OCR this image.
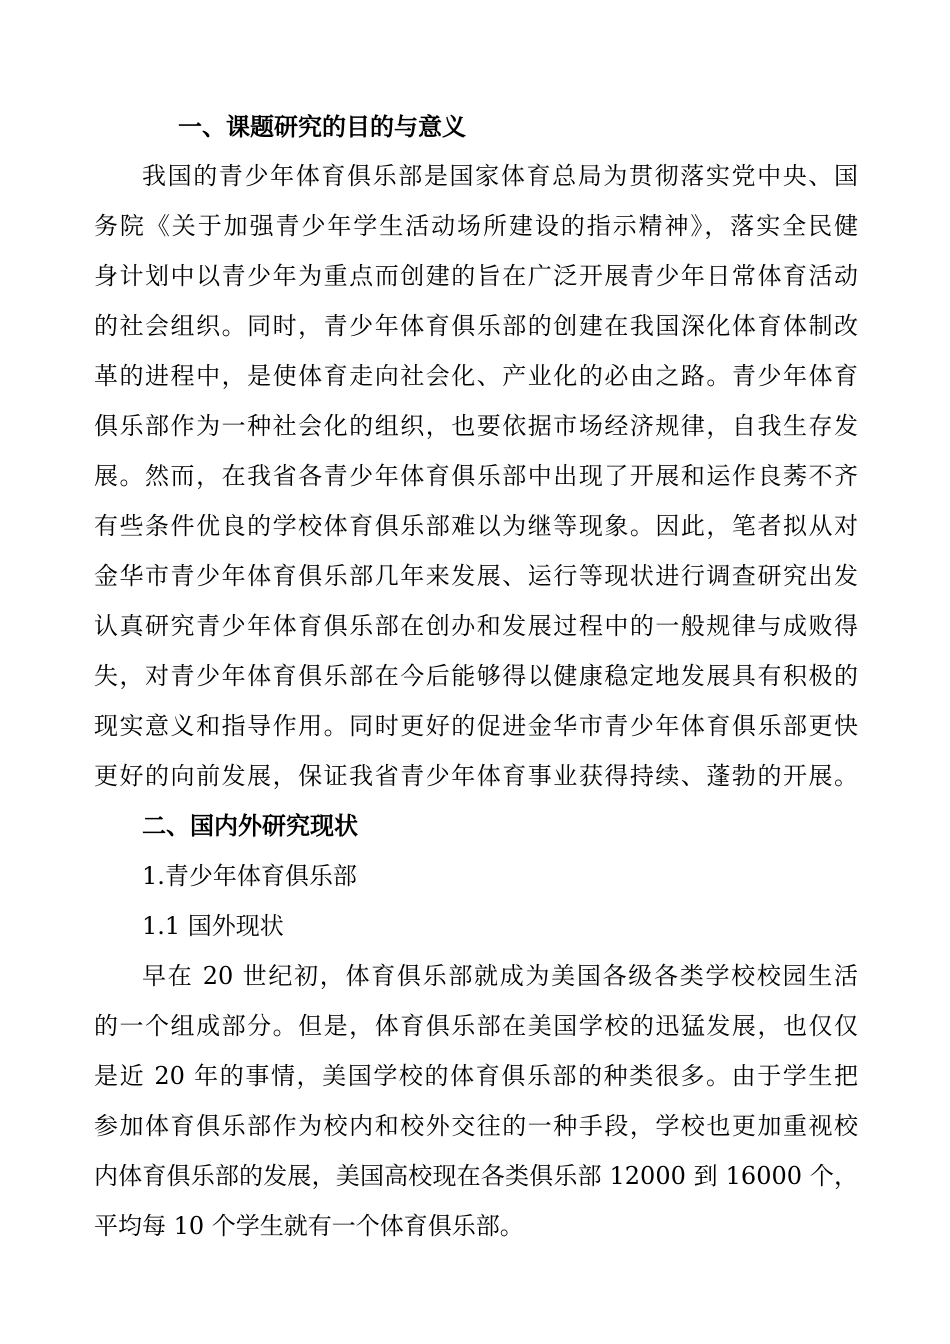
一、课题研究的目的与意义
我国的青少年体育俱乐部是国家体育总局为贯彻落实党中央、国
务院《关于加强青少年学生活动场所建设的指示精神》，落实全民健
身计划中以青少年为重点而创建的旨在广泛开展青少年日常体育活动
的社会组织。同时，青少年体育俱乐部的创建在我国深化体育体制改
革的进程中，是使体育走向社会化、产业化的必由之路。青少年体育
俱乐部作为一种社会化的组织，也要依据市场经济规律，自我生存发
展。然而，在我省各青少年体育俱乐部中出现了开展和运作良莠不齐
有些条件优良的学校体育俱乐部难以为继等现象。因此，笔者拟从对
金华市青少年体育俱乐部几年来发展、运行等现状进行调查研究出发
认真研究青少年体育俱乐部在创办和发展过程中的一般规律与成败得
失，对青少年体育俱乐部在今后能够得以健康稳定地发展具有积极的
现实意义和指导作用。同时更好的促进金华市青少年体育俱乐部更快
更好的向前发展，保证我省青少年体育事业获得持续、蓬勃的开展。
二、国内外研究现状
1.青少年体育俱乐部
1.1 国外现状
早在 20 世纪初，体育俱乐部就成为美国各级各类学校校园生活
的一个组成部分。但是，体育俱乐部在美国学校的迅猛发展，也仅仅
是近 20 年的事情，美国学校的体育俱乐部的种类很多。由于学生把
参加体育俱乐部作为校内和校外交往的一种手段，学校也更加重视校
内体育俱乐部的发展，美国高校现在各类俱乐部 12000 到 16000 个，
平均每 10 个学生就有一个体育俱乐部。
